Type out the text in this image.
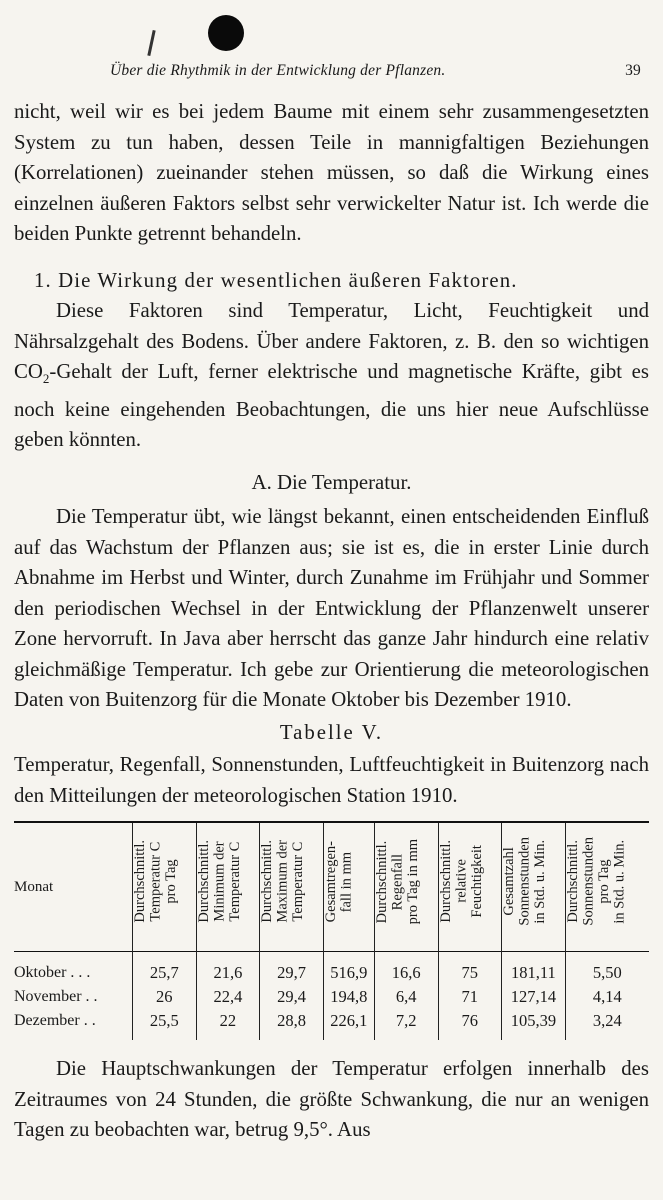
Über die Rhythmik in der Entwicklung der Pflanzen.	39

nicht, weil wir es bei jedem Baume mit einem sehr zusammengesetzten System zu tun haben, dessen Teile in mannigfaltigen Beziehungen (Korrelationen) zueinander stehen müssen, so daß die Wirkung eines einzelnen äußeren Faktors selbst sehr verwickelter Natur ist. Ich werde die beiden Punkte getrennt behandeln.

1. Die Wirkung der wesentlichen äußeren Faktoren.

Diese Faktoren sind Temperatur, Licht, Feuchtigkeit und Nährsalzgehalt des Bodens. Über andere Faktoren, z. B. den so wichtigen $CO_2$-Gehalt der Luft, ferner elektrische und magnetische Kräfte, gibt es noch keine eingehenden Beobachtungen, die uns hier neue Aufschlüsse geben könnten.

A. Die Temperatur.

Die Temperatur übt, wie längst bekannt, einen entscheidenden Einfluß auf das Wachstum der Pflanzen aus; sie ist es, die in erster Linie durch Abnahme im Herbst und Winter, durch Zunahme im Frühjahr und Sommer den periodischen Wechsel in der Entwicklung der Pflanzenwelt unserer Zone hervorruft. In Java aber herrscht das ganze Jahr hindurch eine relativ gleichmäßige Temperatur. Ich gebe zur Orientierung die meteorologischen Daten von Buitenzorg für die Monate Oktober bis Dezember 1910.

Tabelle V.

Temperatur, Regenfall, Sonnenstunden, Luftfeuchtigkeit in Buitenzorg nach den Mitteilungen der meteorologischen Station 1910.

Monat	Durchschnittl.
Temperatur C
pro Tag	Durchschnittl.
Minimum der
Temperatur C	Durchschnittl.
Maximum der
Temperatur C	Gesamtregen-
fall in mm	Durchschnittl.
Regenfall
pro Tag in mm	Durchschnittl.
relative
Feuchtigkeit	Gesamtzahl
Sonnenstunden
in Std. u. Min.	Durchschnittl.
Sonnenstunden
pro Tag
in Std. u. Min.
Oktober . . .	25,7	21,6	29,7	516,9	16,6	75	181,11	5,50
November . .	26	22,4	29,4	194,8	6,4	71	127,14	4,14
Dezember . .	25,5	22	28,8	226,1	7,2	76	105,39	3,24

Die Hauptschwankungen der Temperatur erfolgen innerhalb des Zeitraumes von 24 Stunden, die größte Schwankung, die nur an wenigen Tagen zu beobachten war, betrug 9,5°. Aus
